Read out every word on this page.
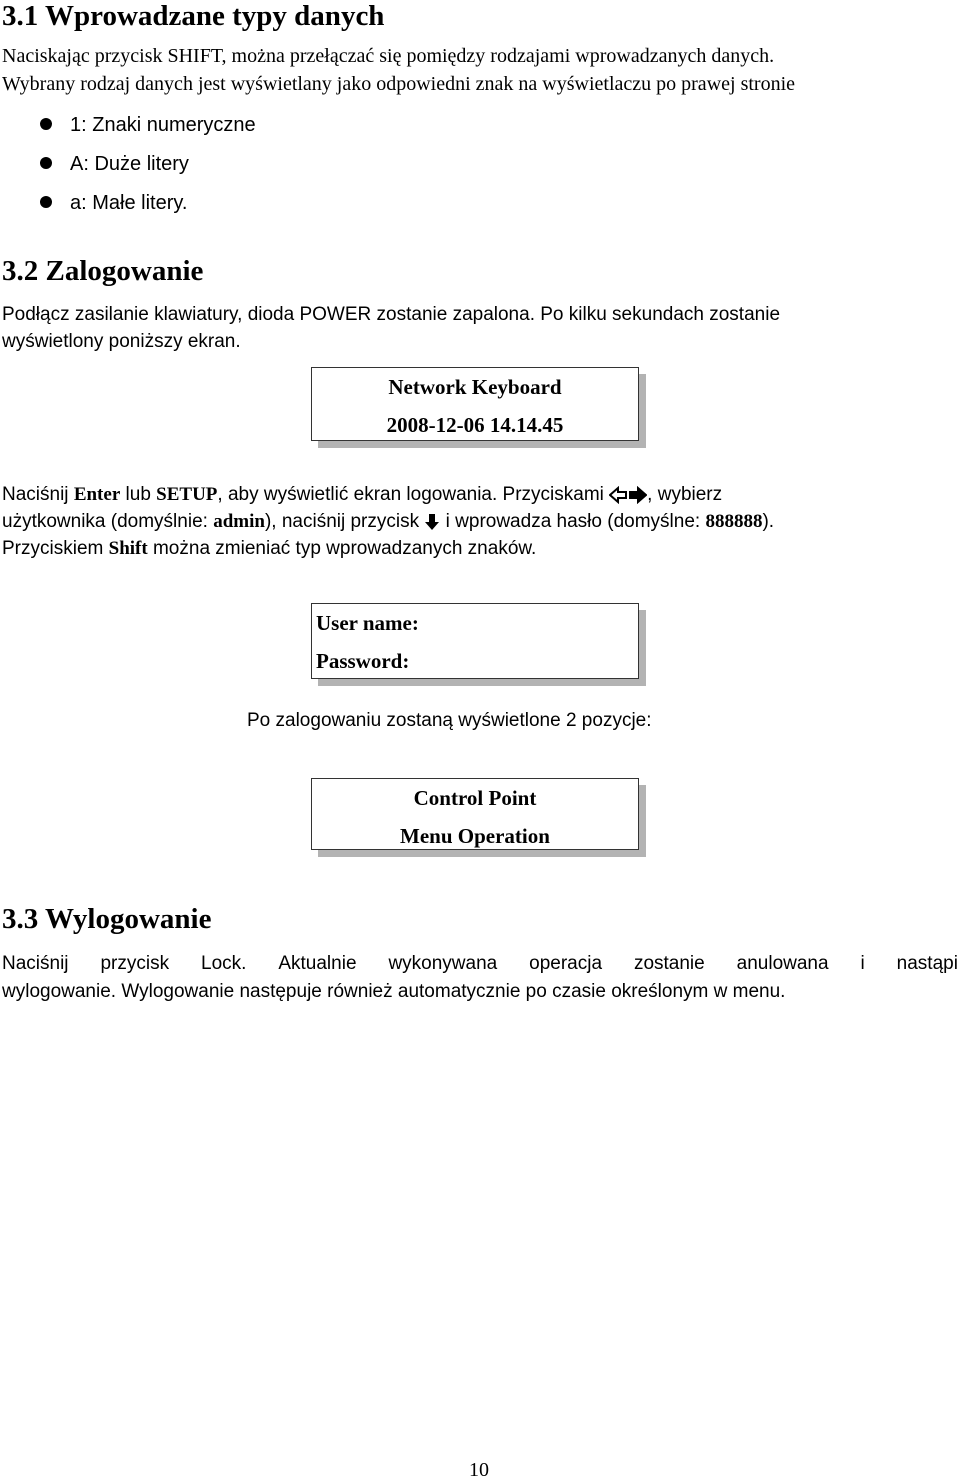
3.1 Wprowadzane typy danych
Naciskając przycisk SHIFT, można przełączać się pomiędzy rodzajami wprowadzanych danych.
Wybrany rodzaj danych jest wyświetlany jako odpowiedni znak na wyświetlaczu po prawej stronie
1: Znaki numeryczne
A: Duże litery
a: Małe litery.
3.2 Zalogowanie
Podłącz zasilanie klawiatury, dioda POWER zostanie zapalona. Po kilku sekundach zostanie
wyświetlony poniższy ekran.
Network Keyboard
2008-12-06 14.14.45
Naciśnij Enter lub SETUP, aby wyświetlić ekran logowania. Przyciskami , wybierz
użytkownika (domyślnie: admin), naciśnij przycisk  i wprowadza hasło (domyślne: 888888).
Przyciskiem Shift można zmieniać typ wprowadzanych znaków.
User name:
Password:
Po zalogowaniu zostaną wyświetlone 2 pozycje:
Control Point
Menu Operation
3.3 Wylogowanie
Naciśnij przycisk Lock. Aktualnie wykonywana operacja zostanie anulowana i nastąpi
wylogowanie. Wylogowanie następuje również automatycznie po czasie określonym w menu.
10
